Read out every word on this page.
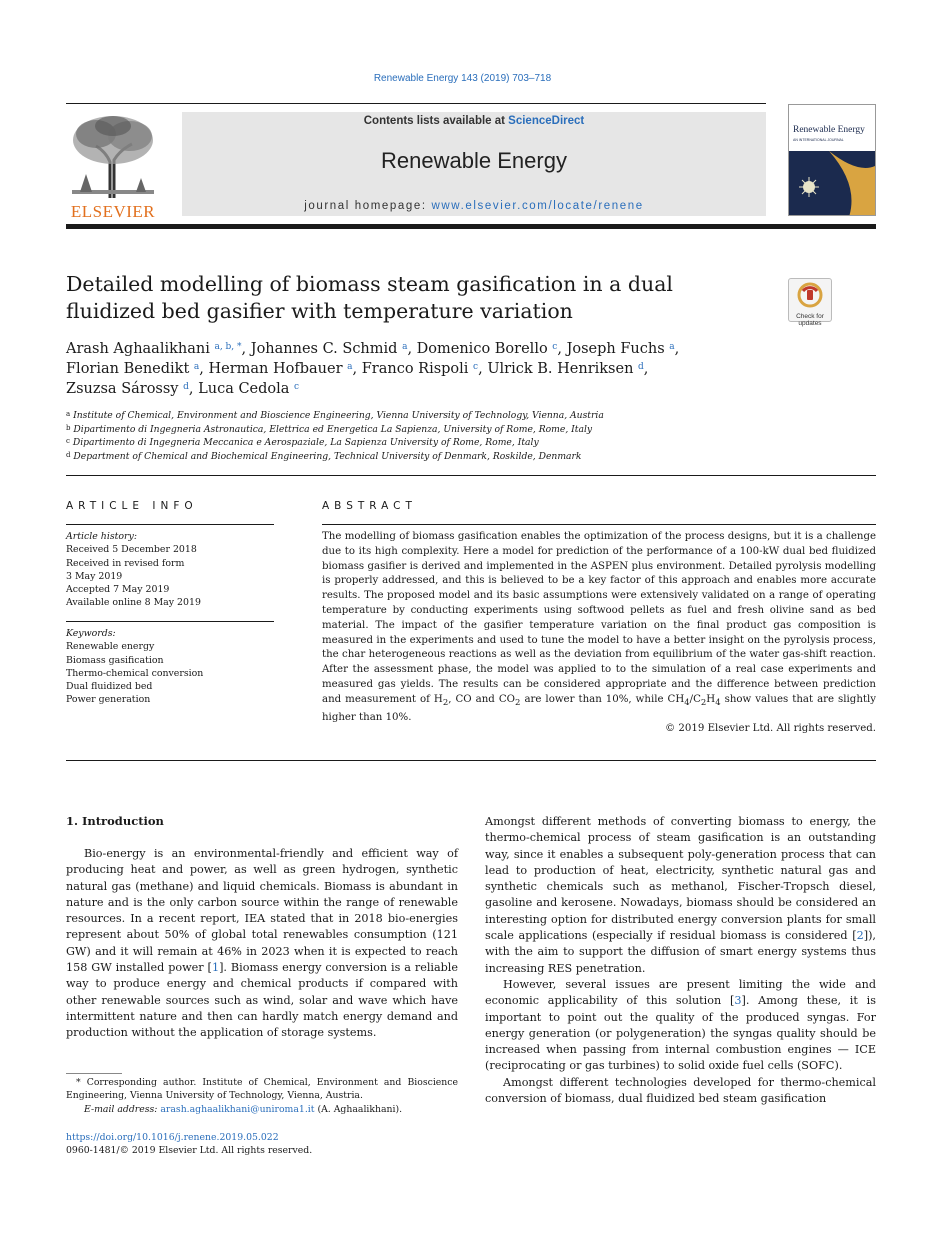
Renewable Energy 143 (2019) 703–718
ELSEVIER
Contents lists available at ScienceDirect
Renewable Energy
journal homepage: www.elsevier.com/locate/renene
Renewable Energy
AN INTERNATIONAL JOURNAL
Detailed modelling of biomass steam gasification in a dual fluidized bed gasifier with temperature variation	Check for updates
Arash Aghaalikhani $^{a, b, *}$, Johannes C. Schmid $^a$, Domenico Borello $^c$, Joseph Fuchs $^a$,
Florian Benedikt $^a$, Herman Hofbauer $^a$, Franco Rispoli $^c$, Ulrick B. Henriksen $^d$,
Zsuzsa Sárossy $^d$, Luca Cedola $^c$
$^a$ Institute of Chemical, Environment and Bioscience Engineering, Vienna University of Technology, Vienna, Austria
$^b$ Dipartimento di Ingegneria Astronautica, Elettrica ed Energetica La Sapienza, University of Rome, Rome, Italy
$^c$ Dipartimento di Ingegneria Meccanica e Aerospaziale, La Sapienza University of Rome, Rome, Italy
$^d$ Department of Chemical and Biochemical Engineering, Technical University of Denmark, Roskilde, Denmark
ARTICLE INFO
Article history:
Received 5 December 2018
Received in revised form
3 May 2019
Accepted 7 May 2019
Available online 8 May 2019
Keywords:
Renewable energy
Biomass gasification
Thermo-chemical conversion
Dual fluidized bed
Power generation
ABSTRACT
The modelling of biomass gasification enables the optimization of the process designs, but it is a challenge due to its high complexity. Here a model for prediction of the performance of a 100-kW dual bed fluidized biomass gasifier is derived and implemented in the ASPEN plus environment. Detailed pyrolysis modelling is properly addressed, and this is believed to be a key factor of this approach and enables more accurate results. The proposed model and its basic assumptions were extensively validated on a range of operating temperature by conducting experiments using softwood pellets as fuel and fresh olivine sand as bed material. The impact of the gasifier temperature variation on the final product gas composition is measured in the experiments and used to tune the model to have a better insight on the pyrolysis process, the char heterogeneous reactions as well as the deviation from equilibrium of the water gas-shift reaction. After the assessment phase, the model was applied to to the simulation of a real case experiments and measured gas yields. The results can be considered appropriate and the difference between prediction and measurement of $H_2$, CO and $CO_2$ are lower than 10%, while $CH_4/C_2H_4$ show values that are slightly higher than 10%.
© 2019 Elsevier Ltd. All rights reserved.
1. Introduction

Bio-energy is an environmental-friendly and efficient way of producing heat and power, as well as green hydrogen, synthetic natural gas (methane) and liquid chemicals. Biomass is abundant in nature and is the only carbon source within the range of renewable resources. In a recent report, IEA stated that in 2018 bio-energies represent about 50% of global total renewables consumption (121 GW) and it will remain at 46% in 2023 when it is expected to reach 158 GW installed power [1]. Biomass energy conversion is a reliable way to produce energy and chemical products if compared with other renewable sources such as wind, solar and wave which have intermittent nature and then can hardly match energy demand and production without the application of storage systems.

Amongst different methods of converting biomass to energy, the thermo-chemical process of steam gasification is an outstanding way, since it enables a subsequent poly-generation process that can lead to production of heat, electricity, synthetic natural gas and synthetic chemicals such as methanol, Fischer-Tropsch diesel, gasoline and kerosene. Nowadays, biomass should be considered an interesting option for distributed energy conversion plants for small scale applications (especially if residual biomass is considered [2]), with the aim to support the diffusion of smart energy systems thus increasing RES penetration.

However, several issues are present limiting the wide and economic applicability of this solution [3]. Among these, it is important to point out the quality of the produced syngas. For energy generation (or polygeneration) the syngas quality should be increased when passing from internal combustion engines — ICE (reciprocating or gas turbines) to solid oxide fuel cells (SOFC).

Amongst different technologies developed for thermo-chemical conversion of biomass, dual fluidized bed steam gasification

* Corresponding author. Institute of Chemical, Environment and Bioscience Engineering, Vienna University of Technology, Vienna, Austria.
E-mail address: arash.aghaalikhani@uniroma1.it (A. Aghaalikhani).
https://doi.org/10.1016/j.renene.2019.05.022
0960-1481/© 2019 Elsevier Ltd. All rights reserved.
